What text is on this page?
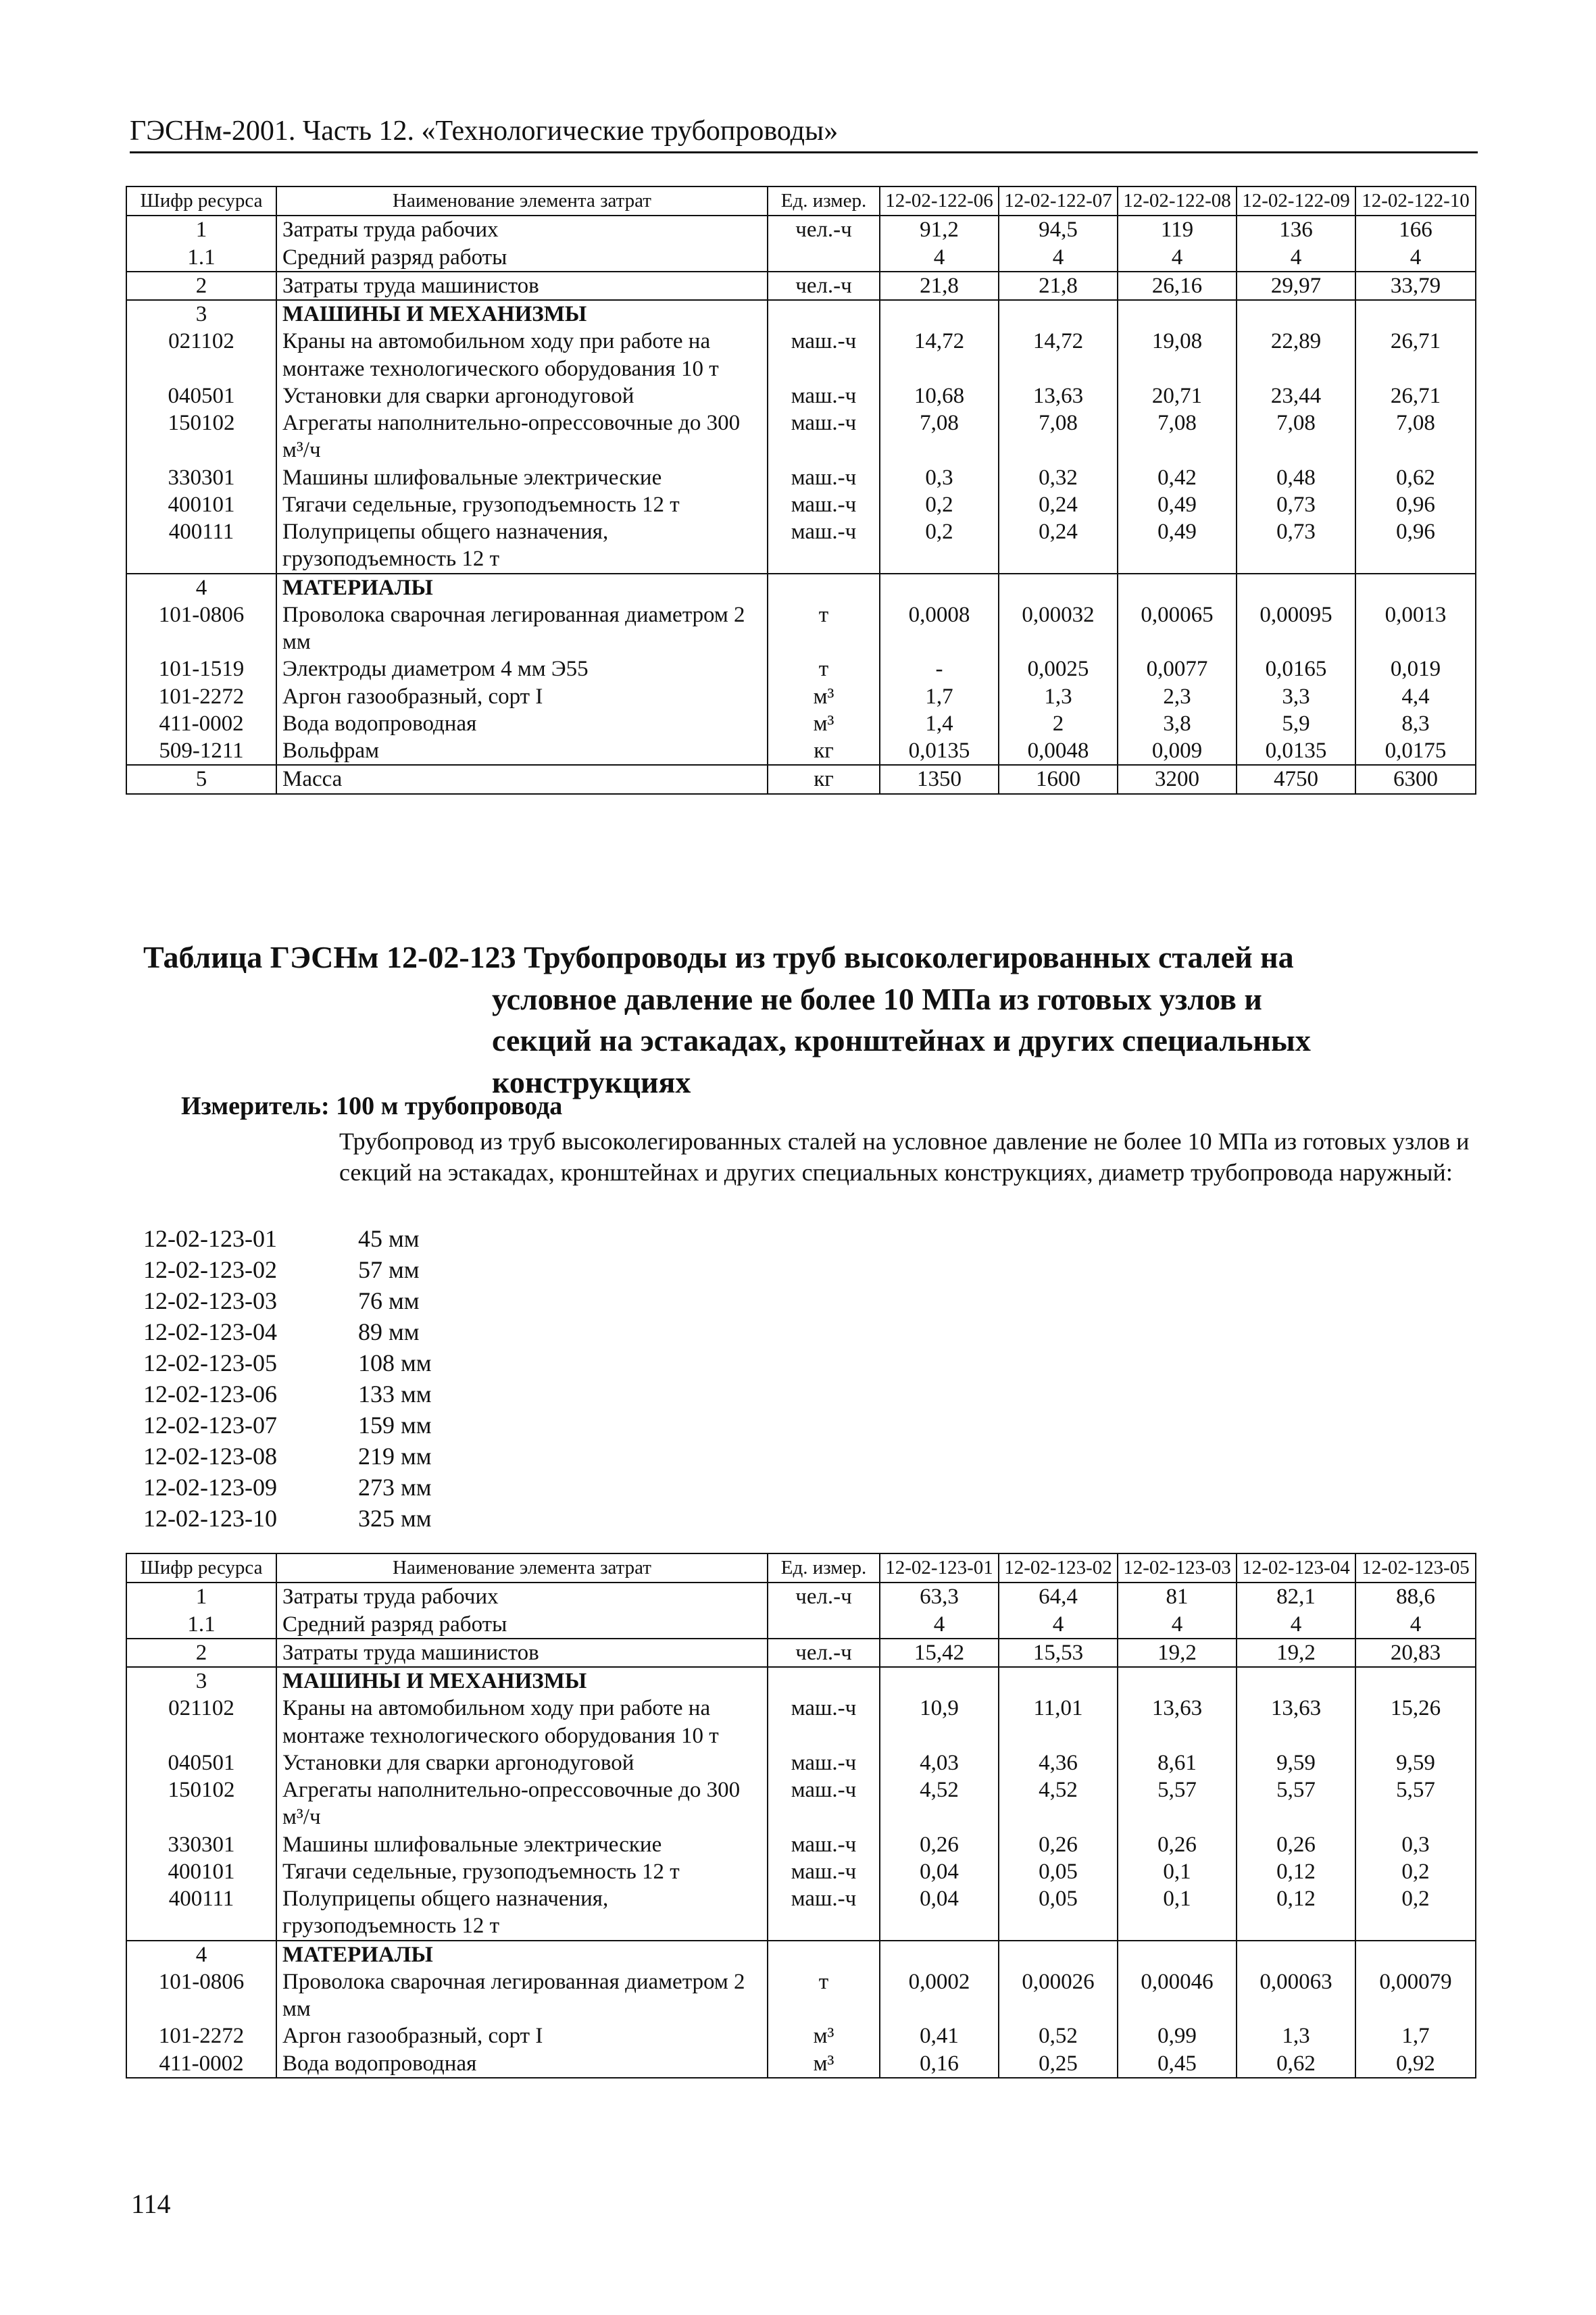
ГЭСНм-2001. Часть 12. «Технологические трубопроводы»
Шифр ресурса	Наименование элемента затрат	Ед. измер.	12-02-122-06	12-02-122-07	12-02-122-08	12-02-122-09	12-02-122-10
1	Затраты труда рабочих	чел.-ч	91,2	94,5	119	136	166
1.1	Средний разряд работы		4	4	4	4	4
2	Затраты труда машинистов	чел.-ч	21,8	21,8	26,16	29,97	33,79
3	МАШИНЫ И МЕХАНИЗМЫ						
021102	Краны на автомобильном ходу при работе на монтаже технологического оборудования 10 т	маш.-ч	14,72	14,72	19,08	22,89	26,71
040501	Установки для сварки аргонодуговой	маш.-ч	10,68	13,63	20,71	23,44	26,71
150102	Агрегаты наполнительно-опрессовочные до 300 м³/ч	маш.-ч	7,08	7,08	7,08	7,08	7,08
330301	Машины шлифовальные электрические	маш.-ч	0,3	0,32	0,42	0,48	0,62
400101	Тягачи седельные, грузоподъемность 12 т	маш.-ч	0,2	0,24	0,49	0,73	0,96
400111	Полуприцепы общего назначения, грузоподъемность 12 т	маш.-ч	0,2	0,24	0,49	0,73	0,96
4	МАТЕРИАЛЫ						
101-0806	Проволока сварочная легированная диаметром 2 мм	т	0,0008	0,00032	0,00065	0,00095	0,0013
101-1519	Электроды диаметром 4 мм Э55	т	-	0,0025	0,0077	0,0165	0,019
101-2272	Аргон газообразный, сорт I	м³	1,7	1,3	2,3	3,3	4,4
411-0002	Вода водопроводная	м³	1,4	2	3,8	5,9	8,3
509-1211	Вольфрам	кг	0,0135	0,0048	0,009	0,0135	0,0175
5	Масса	кг	1350	1600	3200	4750	6300
Таблица ГЭСНм 12-02-123 Трубопроводы из труб высоколегированных сталей на
условное давление не более 10 МПа из готовых узлов и
секций на эстакадах, кронштейнах и других специальных
конструкциях
Измеритель: 100 м трубопровода
Трубопровод из труб высоколегированных сталей на условное давление не более 10 МПа из готовых узлов и секций на эстакадах, кронштейнах и других специальных конструкциях, диаметр трубопровода наружный:
12-02-123-01	45 мм
12-02-123-02	57 мм
12-02-123-03	76 мм
12-02-123-04	89 мм
12-02-123-05	108 мм
12-02-123-06	133 мм
12-02-123-07	159 мм
12-02-123-08	219 мм
12-02-123-09	273 мм
12-02-123-10	325 мм
Шифр ресурса	Наименование элемента затрат	Ед. измер.	12-02-123-01	12-02-123-02	12-02-123-03	12-02-123-04	12-02-123-05
1	Затраты труда рабочих	чел.-ч	63,3	64,4	81	82,1	88,6
1.1	Средний разряд работы		4	4	4	4	4
2	Затраты труда машинистов	чел.-ч	15,42	15,53	19,2	19,2	20,83
3	МАШИНЫ И МЕХАНИЗМЫ						
021102	Краны на автомобильном ходу при работе на монтаже технологического оборудования 10 т	маш.-ч	10,9	11,01	13,63	13,63	15,26
040501	Установки для сварки аргонодуговой	маш.-ч	4,03	4,36	8,61	9,59	9,59
150102	Агрегаты наполнительно-опрессовочные до 300 м³/ч	маш.-ч	4,52	4,52	5,57	5,57	5,57
330301	Машины шлифовальные электрические	маш.-ч	0,26	0,26	0,26	0,26	0,3
400101	Тягачи седельные, грузоподъемность 12 т	маш.-ч	0,04	0,05	0,1	0,12	0,2
400111	Полуприцепы общего назначения, грузоподъемность 12 т	маш.-ч	0,04	0,05	0,1	0,12	0,2
4	МАТЕРИАЛЫ						
101-0806	Проволока сварочная легированная диаметром 2 мм	т	0,0002	0,00026	0,00046	0,00063	0,00079
101-2272	Аргон газообразный, сорт I	м³	0,41	0,52	0,99	1,3	1,7
411-0002	Вода водопроводная	м³	0,16	0,25	0,45	0,62	0,92
114
